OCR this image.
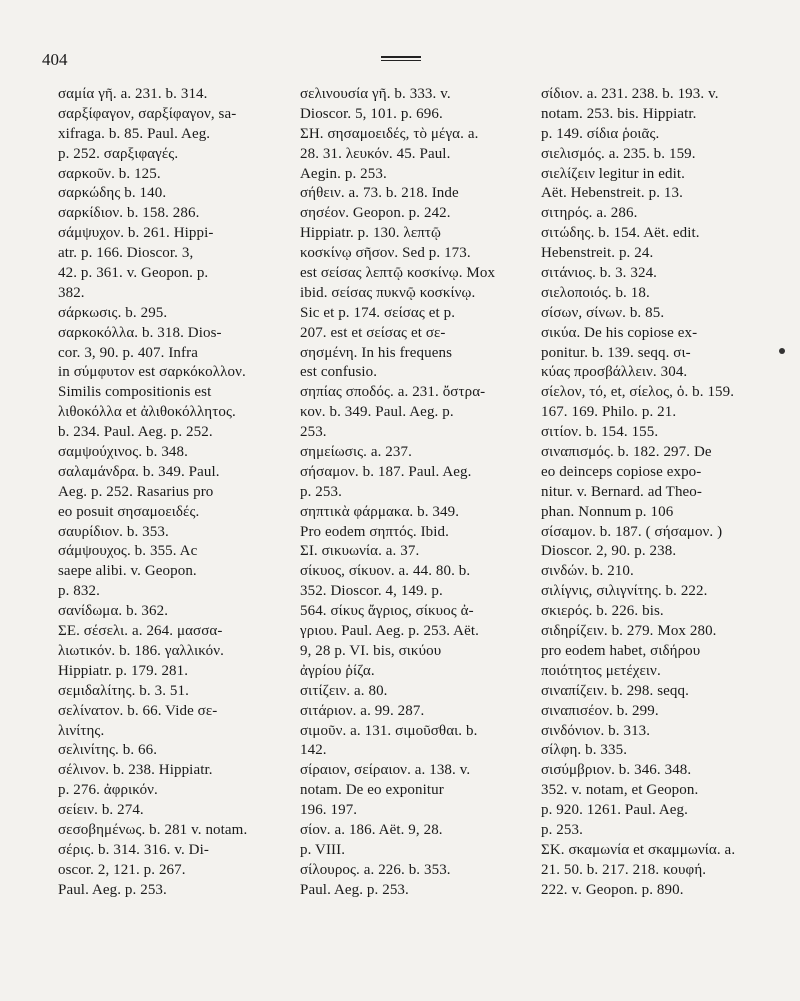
404
σαμία γῆ. a. 231. b. 314.
σαρξίφαγον, σαρξίφαγον, sa-
xifraga. b. 85. Paul. Aeg.
p. 252. σαρξιφαγές.
σαρκοῦν. b. 125.
σαρκώδης b. 140.
σαρκίδιον. b. 158. 286.
σάμψυχον. b. 261. Hippi-
atr. p. 166. Dioscor. 3,
42. p. 361. v. Geopon. p.
382.
σάρκωσις. b. 295.
σαρκοκόλλα. b. 318. Dios-
cor. 3, 90. p. 407. Infra
in σύμφυτον est σαρκόκολλον.
Similis compositionis est
λιθοκόλλα et ἀλιθοκόλλητος.
b. 234. Paul. Aeg. p. 252.
σαμψούχινος. b. 348.
σαλαμάνδρα. b. 349. Paul.
Aeg. p. 252. Rasarius pro
eo posuit σησαμοειδές.
σαυρίδιον. b. 353.
σάμψουχος. b. 355. Ac
saepe alibi. v. Geopon.
p. 832.
σανίδωμα. b. 362.
ΣΕ. σέσελι. a. 264. μασσα-
λιωτικόν. b. 186. γαλλικόν.
Hippiatr. p. 179. 281.
σεμιδαλίτης. b. 3. 51.
σελίνατον. b. 66. Vide σε-
λινίτης.
σελινίτης. b. 66.
σέλινον. b. 238. Hippiatr.
p. 276. ἀφρικόν.
σείειν. b. 274.
σεσοβημένως. b. 281 v. notam.
σέρις. b. 314. 316. v. Di-
oscor. 2, 121. p. 267.
Paul. Aeg. p. 253.
σελινουσία γῆ. b. 333. v.
Dioscor. 5, 101. p. 696.
ΣΗ. σησαμοειδές, τὸ μέγα. a.
28. 31. λευκόν. 45. Paul.
Aegin. p. 253.
σήθειν. a. 73. b. 218. Inde
σησέον. Geopon. p. 242.
Hippiatr. p. 130. λεπτῷ
κοσκίνῳ σῆσον. Sed p. 173.
est σείσας λεπτῷ κοσκίνῳ. Mox
ibid. σείσας πυκνῷ κοσκίνῳ.
Sic et p. 174. σείσας et p.
207. est et σείσας et σε-
σησμένη. In his frequens
est confusio.
σηπίας σποδός. a. 231. ὄστρα-
κον. b. 349. Paul. Aeg. p.
253.
σημείωσις. a. 237.
σήσαμον. b. 187. Paul. Aeg.
p. 253.
σηπτικὰ φάρμακα. b. 349.
Pro eodem σηπτός. Ibid.
ΣΙ. σικυωνία. a. 37.
σίκυος, σίκυον. a. 44. 80. b.
352. Dioscor. 4, 149. p.
564. σίκυς ἄγριος, σίκυος ἀ-
γριου. Paul. Aeg. p. 253. Aët.
9, 28 p. VI. bis, σικύου
ἀγρίου ῥίζα.
σιτίζειν. a. 80.
σιτάριον. a. 99. 287.
σιμοῦν. a. 131. σιμοῦσθαι. b.
142.
σίραιον, σείραιον. a. 138. v.
notam. De eo exponitur
196. 197.
σίον. a. 186. Aët. 9, 28.
p. VIII.
σίλουρος. a. 226. b. 353.
Paul. Aeg. p. 253.
σίδιον. a. 231. 238. b. 193. v.
notam. 253. bis. Hippiatr.
p. 149. σίδια ῥοιᾶς.
σιελισμός. a. 235. b. 159.
σιελίζειν legitur in edit.
Aët. Hebenstreit. p. 13.
σιτηρός. a. 286.
σιτώδης. b. 154. Aët. edit.
Hebenstreit. p. 24.
σιτάνιος. b. 3. 324.
σιελοποιός. b. 18.
σίσων, σίνων. b. 85.
σικύα. De his copiose ex-
ponitur. b. 139. seqq. σι-
κύας προσβάλλειν. 304.
σίελον, τό, et, σίελος, ὁ. b. 159.
167. 169. Philo. p. 21.
σιτίον. b. 154. 155.
σιναπισμός. b. 182. 297. De
eo deinceps copiose expo-
nitur. v. Bernard. ad Theo-
phan. Nonnum p. 106
σίσαμον. b. 187. ( σήσαμον. )
Dioscor. 2, 90. p. 238.
σινδών. b. 210.
σιλίγνις, σιλιγνίτης. b. 222.
σκιερός. b. 226. bis.
σιδηρίζειν. b. 279. Mox 280.
pro eodem habet, σιδήρου
ποιότητος μετέχειν.
σιναπίζειν. b. 298. seqq.
σιναπισέον. b. 299.
σινδόνιον. b. 313.
σίλφη. b. 335.
σισύμβριον. b. 346. 348.
352. v. notam, et Geopon.
p. 920. 1261. Paul. Aeg.
p. 253.
ΣΚ. σκαμωνία et σκαμμωνία. a.
21. 50. b. 217. 218. κουφή.
222. v. Geopon. p. 890.
